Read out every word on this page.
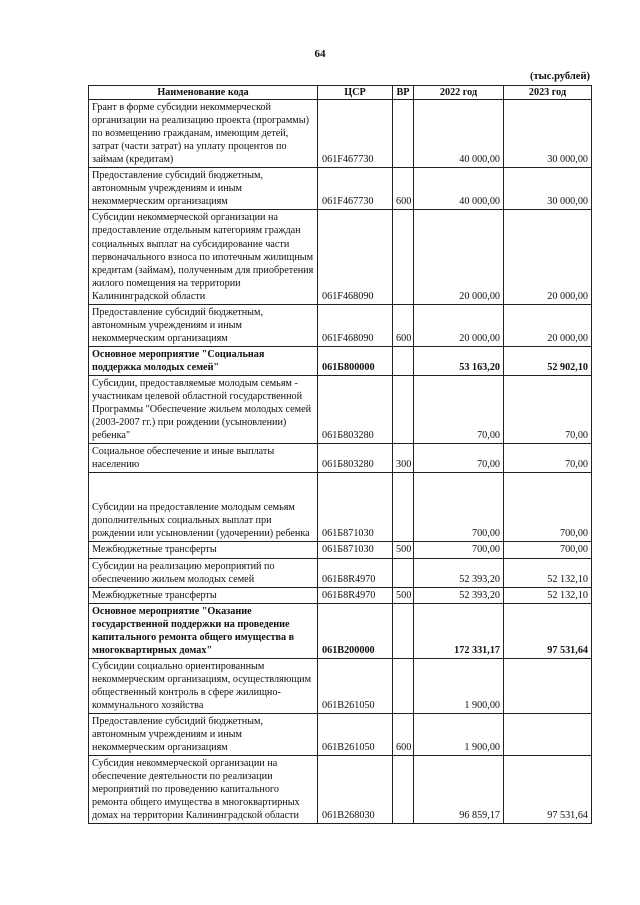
64
(тыс.рублей)
Наименование кода	ЦСР	ВР	2022 год	2023 год
Грант в форме субсидии некоммерческой организации на реализацию проекта (программы) по возмещению гражданам, имеющим детей, затрат (части затрат) на уплату процентов по займам (кредитам)	061F467730		40 000,00	30 000,00
Предоставление субсидий бюджетным, автономным учреждениям и иным некоммерческим организациям	061F467730	600	40 000,00	30 000,00
Субсидии некоммерческой организации на предоставление отдельным категориям граждан социальных выплат на субсидирование части первоначального взноса по ипотечным жилищным кредитам (займам), полученным для приобретения жилого помещения на территории Калининградской области	061F468090		20 000,00	20 000,00
Предоставление субсидий бюджетным, автономным учреждениям и иным некоммерческим организациям	061F468090	600	20 000,00	20 000,00
Основное мероприятие "Социальная поддержка молодых семей"	061Б800000		53 163,20	52 902,10
Субсидии, предоставляемые молодым семьям - участникам целевой областной государственной Программы "Обеспечение жильем молодых семей (2003-2007 гг.) при рождении (усыновлении) ребенка"	061Б803280		70,00	70,00
Социальное обеспечение и иные выплаты населению	061Б803280	300	70,00	70,00
Субсидии на предоставление молодым семьям дополнительных социальных выплат при рождении или усыновлении (удочерении) ребенка	061Б871030		700,00	700,00
Межбюджетные трансферты	061Б871030	500	700,00	700,00
Субсидии на реализацию мероприятий по обеспечению жильем молодых семей	061Б8R4970		52 393,20	52 132,10
Межбюджетные трансферты	061Б8R4970	500	52 393,20	52 132,10
Основное мероприятие "Оказание государственной поддержки на проведение капитального ремонта общего имущества в многоквартирных домах"	061В200000		172 331,17	97 531,64
Субсидии социально ориентированным некоммерческим организациям, осуществляющим общественный контроль в сфере жилищно-коммунального хозяйства	061В261050		1 900,00	
Предоставление субсидий бюджетным, автономным учреждениям и иным некоммерческим организациям	061В261050	600	1 900,00	
Субсидия некоммерческой организации на обеспечение деятельности по реализации мероприятий по проведению капитального ремонта общего имущества в многоквартирных домах на территории Калининградской области	061В268030		96 859,17	97 531,64
